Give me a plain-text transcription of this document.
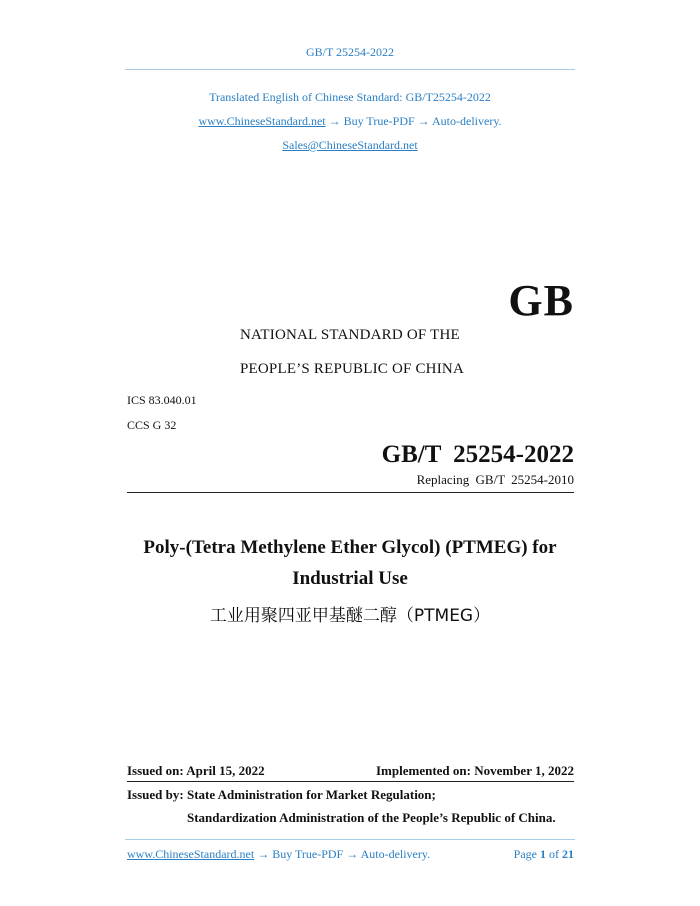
GB/T 25254-2022
Translated English of Chinese Standard: GB/T25254-2022
www.ChineseStandard.net → Buy True-PDF → Auto-delivery.
Sales@ChineseStandard.net
GB
NATIONAL STANDARD OF THE
PEOPLE’S REPUBLIC OF CHINA
ICS 83.040.01
CCS G 32
GB/T 25254-2022
Replacing GB/T 25254-2010
Poly-(Tetra Methylene Ether Glycol) (PTMEG) for
Industrial Use
工业用聚四亚甲基醚二醇（PTMEG）
Issued on: April 15, 2022	Implemented on: November 1, 2022
Issued by: State Administration for Market Regulation;
Standardization Administration of the People’s Republic of China.
www.ChineseStandard.net → Buy True-PDF → Auto-delivery.	Page 1 of 21
